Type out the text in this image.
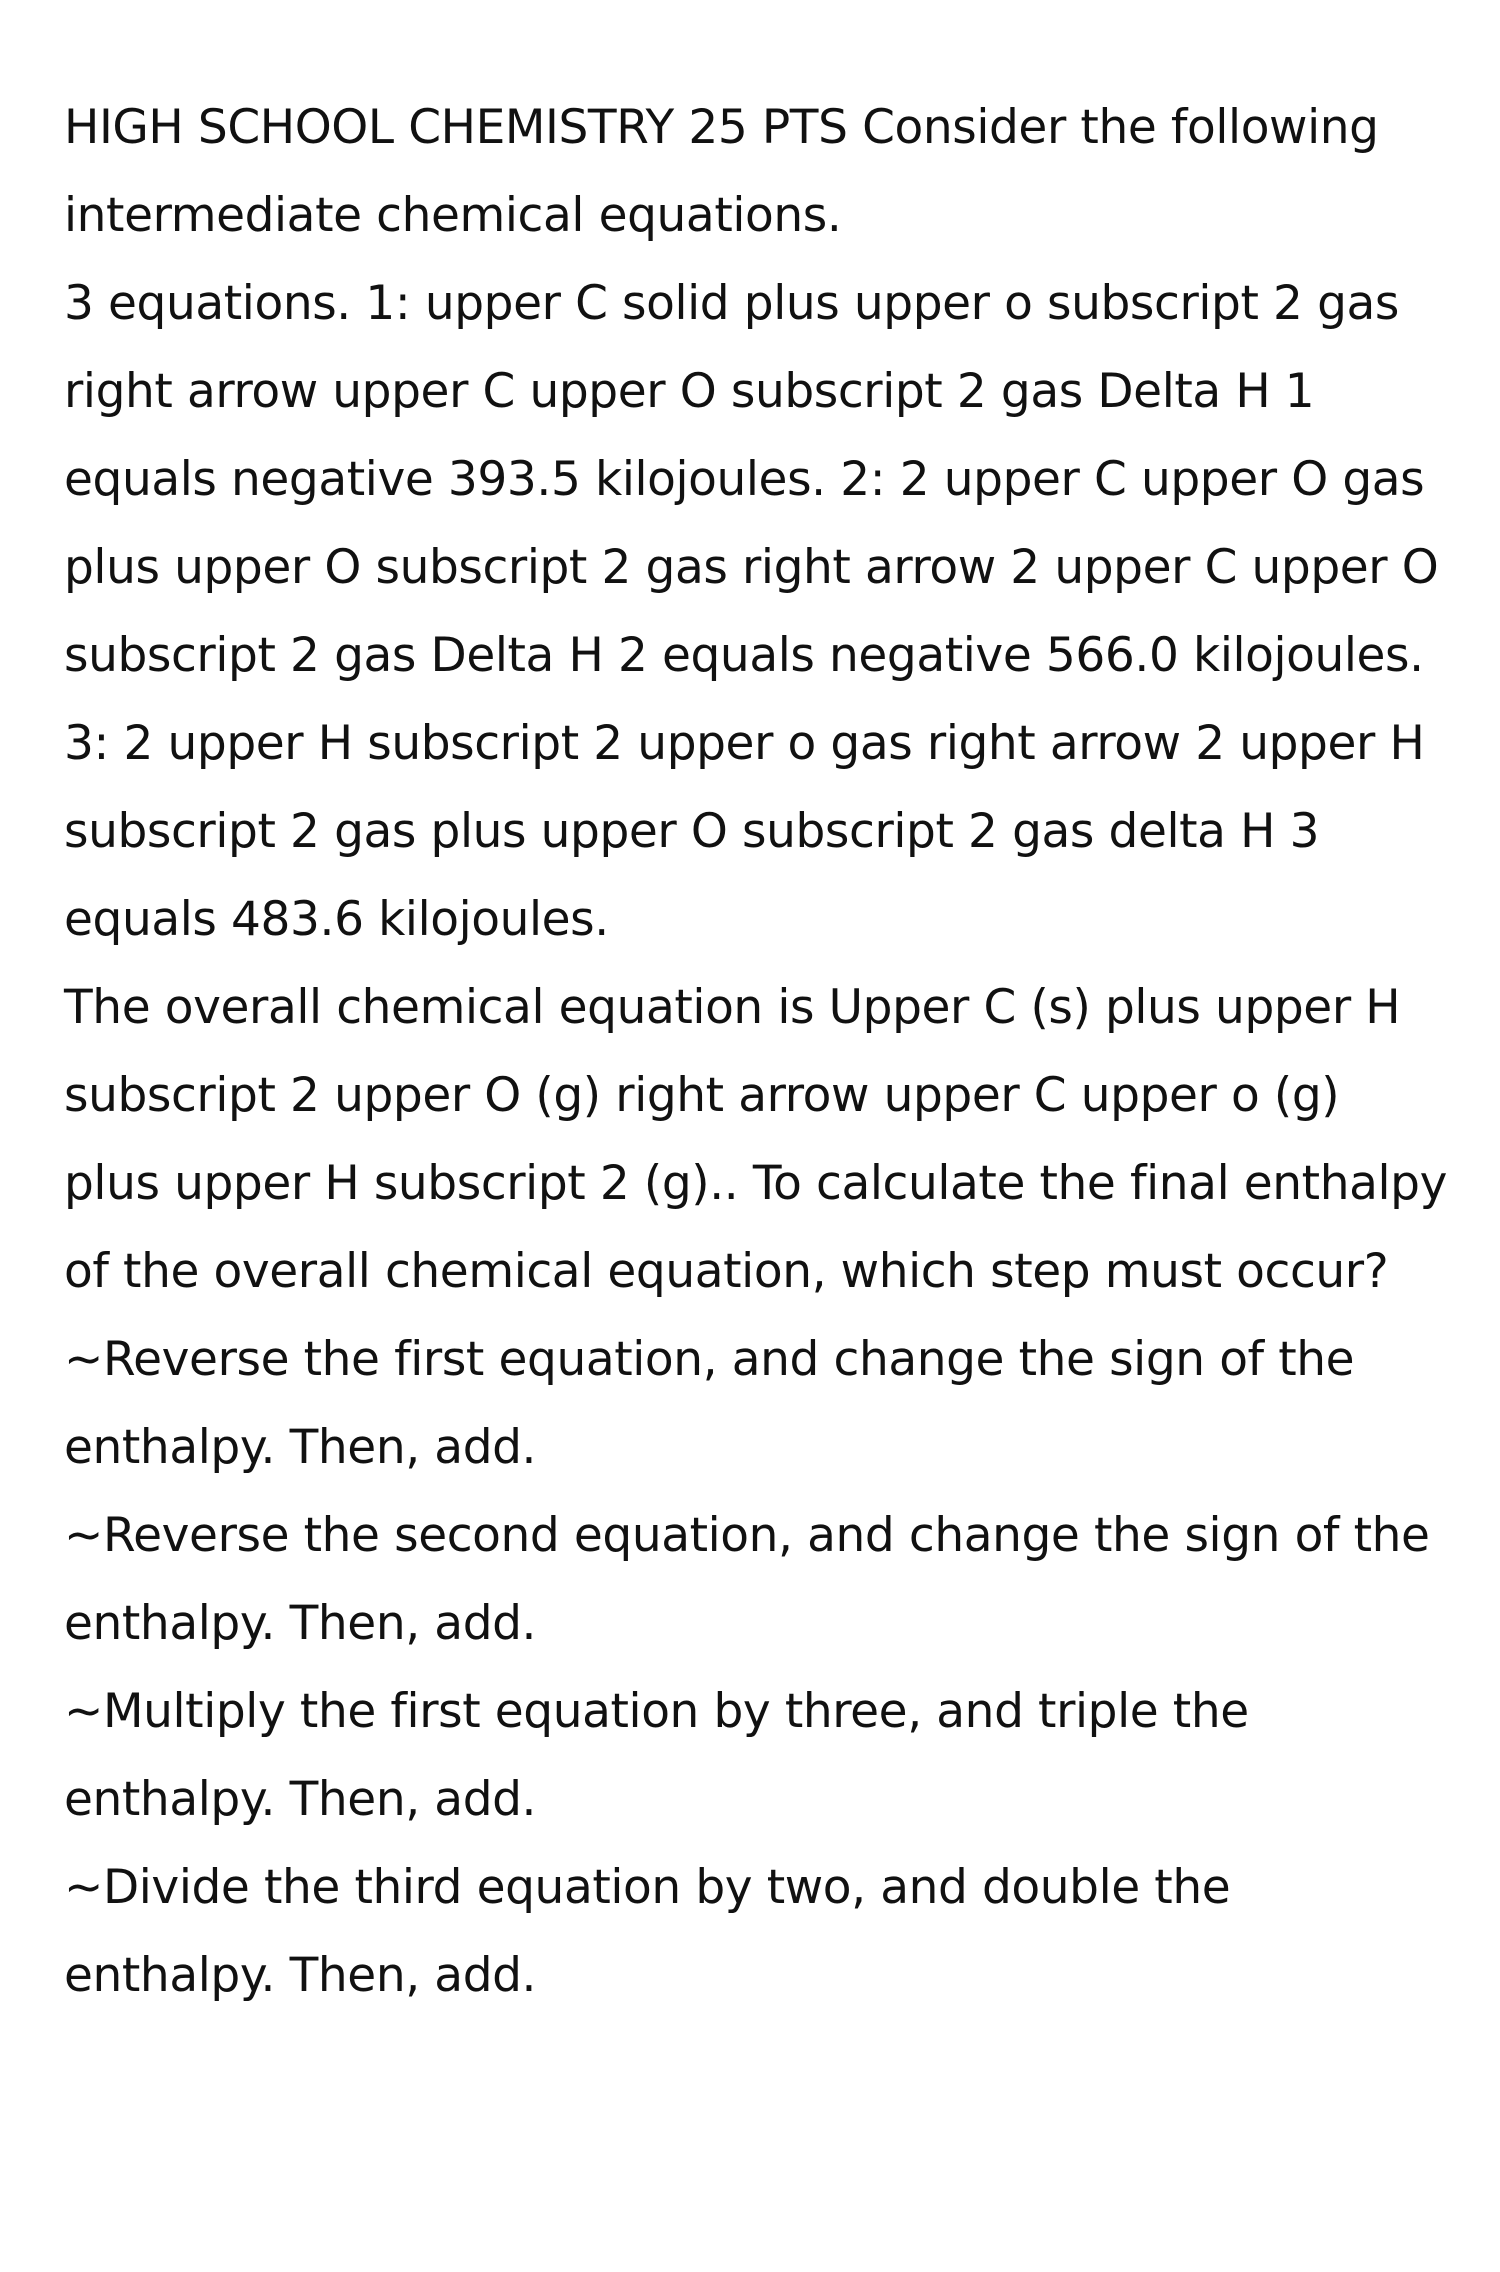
HIGH SCHOOL CHEMISTRY 25 PTS Consider the following intermediate chemical equations.

3 equations. 1: upper C solid plus upper o subscript 2 gas right arrow upper C upper O subscript 2 gas Delta H 1 equals negative 393.5 kilojoules. 2: 2 upper C upper O gas plus upper O subscript 2 gas right arrow 2 upper C upper O subscript 2 gas Delta H 2 equals negative 566.0 kilojoules. 3: 2 upper H subscript 2 upper o gas right arrow 2 upper H subscript 2 gas plus upper O subscript 2 gas delta H 3 equals 483.6 kilojoules.

The overall chemical equation is Upper C (s) plus upper H subscript 2 upper O (g) right arrow upper C upper o (g) plus upper H subscript 2 (g).. To calculate the final enthalpy of the overall chemical equation, which step must occur?

~Reverse the first equation, and change the sign of the enthalpy. Then, add.

~Reverse the second equation, and change the sign of the enthalpy. Then, add.

~Multiply the first equation by three, and triple the enthalpy. Then, add.

~Divide the third equation by two, and double the enthalpy. Then, add.
